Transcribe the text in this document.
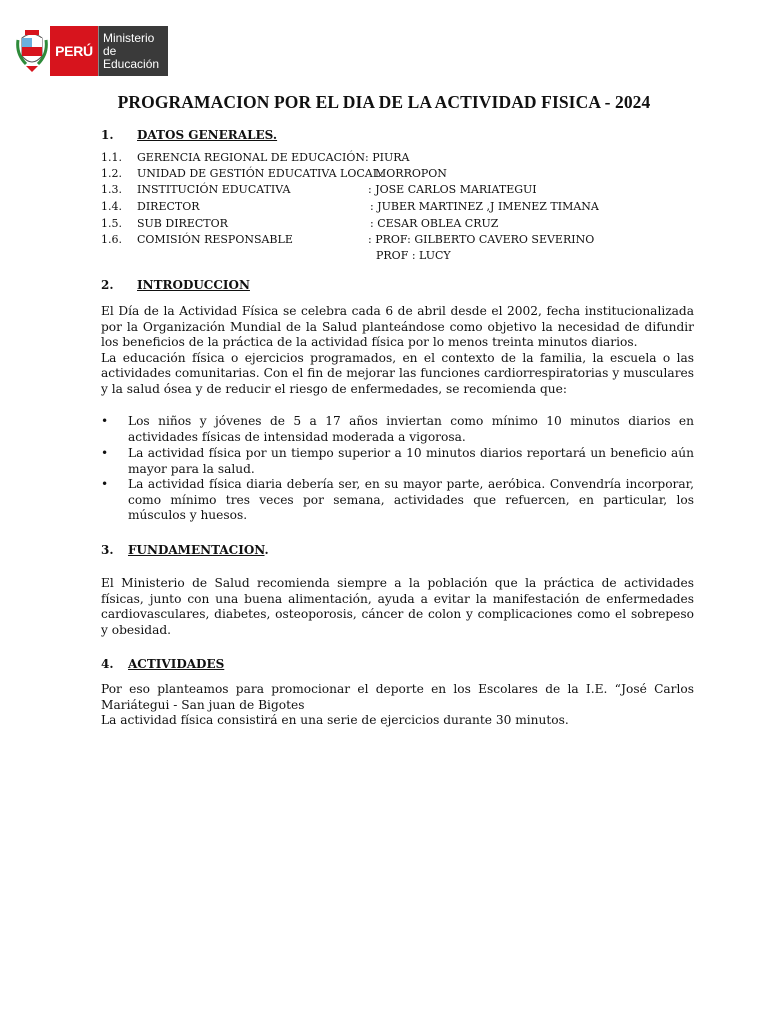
PERÚ
Ministerio
de Educación
PROGRAMACION POR EL DIA DE LA ACTIVIDAD FISICA - 2024
1. DATOS GENERALES.
1.1. GERENCIA REGIONAL DE EDUCACIÓN : PIURA
1.2. UNIDAD DE GESTIÓN EDUCATIVA LOCAL:
MORROPON
1.3. INSTITUCIÓN EDUCATIVA	: JOSE CARLOS MARIATEGUI
1.4. DIRECTOR	: JUBER MARTINEZ ,J IMENEZ TIMANA
1.5. SUB DIRECTOR	: CESAR OBLEA CRUZ
1.6. COMISIÓN RESPONSABLE	: PROF: GILBERTO CAVERO SEVERINO
PROF : LUCY
2. INTRODUCCION

El Día de la Actividad Física se celebra cada 6 de abril desde el 2002, fecha institucionalizada por la Organización Mundial de la Salud planteándose como objetivo la necesidad de difundir los beneficios de la práctica de la actividad física por lo menos treinta minutos diarios.

La educación física o ejercicios programados, en el contexto de la familia, la escuela o las actividades comunitarias. Con el fin de mejorar las funciones cardiorrespiratorias y musculares y la salud ósea y de reducir el riesgo de enfermedades, se recomienda que:

• Los niños y jóvenes de 5 a 17 años inviertan como mínimo 10 minutos diarios en actividades físicas de intensidad moderada a vigorosa.
• La actividad física por un tiempo superior a 10 minutos diarios reportará un beneficio aún mayor para la salud.
• La actividad física diaria debería ser, en su mayor parte, aeróbica. Convendría incorporar, como mínimo tres veces por semana, actividades que refuercen, en particular, los músculos y huesos.
3. FUNDAMENTACION.

El Ministerio de Salud recomienda siempre a la población que la práctica de actividades físicas, junto con una buena alimentación, ayuda a evitar la manifestación de enfermedades cardiovasculares, diabetes, osteoporosis, cáncer de colon y complicaciones como el sobrepeso y obesidad.

4. ACTIVIDADES

Por eso planteamos para promocionar el deporte en los Escolares de la I.E. “José Carlos Mariátegui - San juan de Bigotes

La actividad física consistirá en una serie de ejercicios durante 30 minutos.
